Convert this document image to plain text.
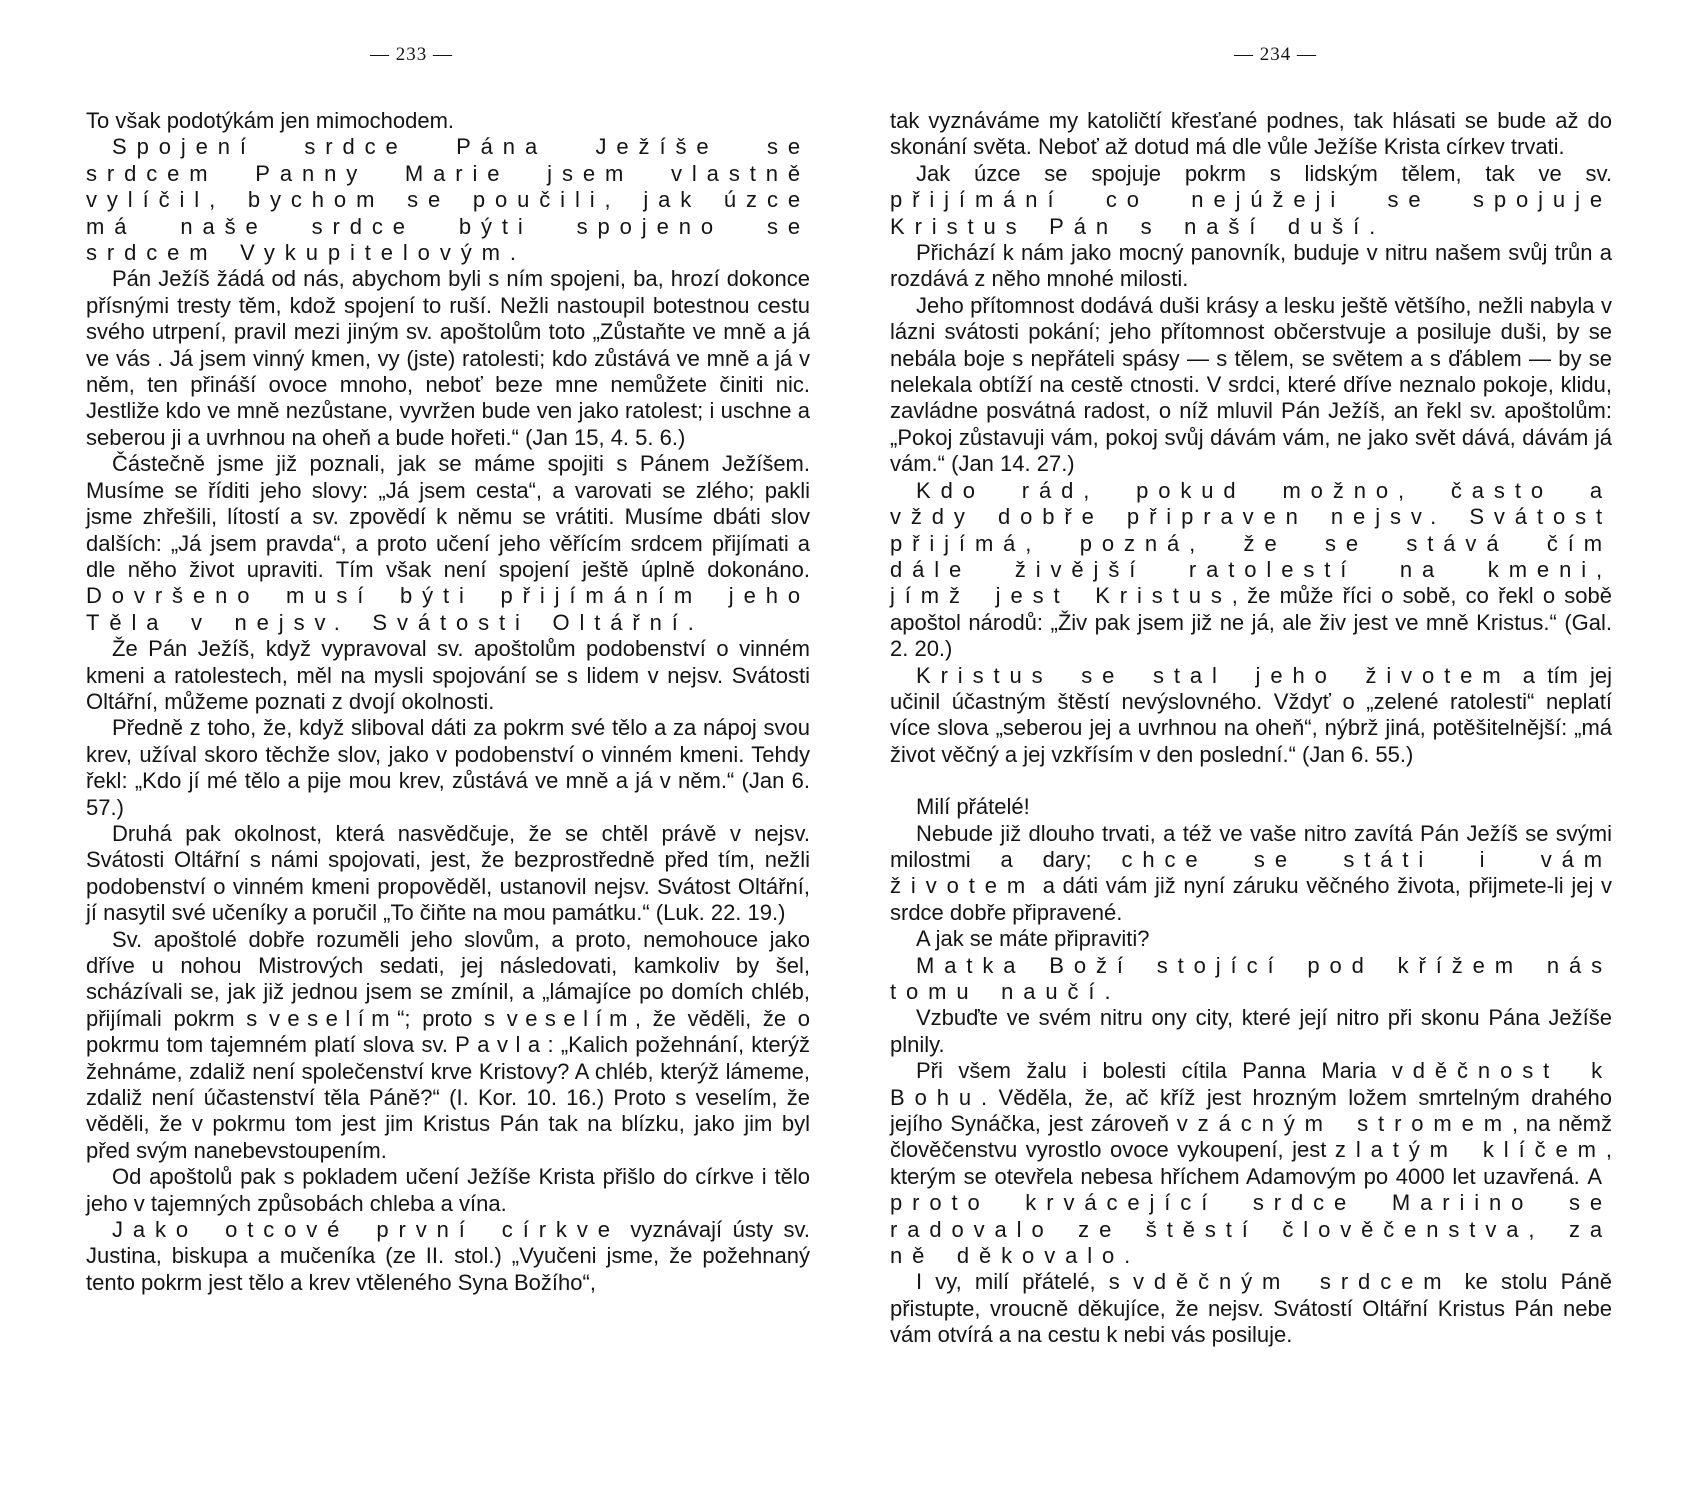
— 233 —

To však podotýkám jen mimochodem.

Spojení srdce Pána Ježíše se srdcem Panny Marie jsem vlastně vylíčil, bychom se poučili, jak úzce má naše srdce býti spojeno se srdcem Vykupitelovým.

Pán Ježíš žádá od nás, abychom byli s ním spojeni, ba, hrozí dokonce přísnými tresty těm, kdož spojení to ruší. Nežli nastoupil botestnou cestu svého utrpení, pravil mezi jiným sv. apoštolům toto „Zůstaňte ve mně a já ve vás . Já jsem vinný kmen, vy (jste) ratolesti; kdo zůstává ve mně a já v něm, ten přináší ovoce mnoho, neboť beze mne nemůžete činiti nic. Jestliže kdo ve mně nezůstane, vyvržen bude ven jako ratolest; i uschne a seberou ji a uvrhnou na oheň a bude hořeti.“ (Jan 15, 4. 5. 6.)

Částečně jsme již poznali, jak se máme spojiti s Pánem Ježíšem. Musíme se říditi jeho slovy: „Já jsem cesta“, a varovati se zlého; pakli jsme zhřešili, lítostí a sv. zpovědí k němu se vrátiti. Musíme dbáti slov dalších: „Já jsem pravda“, a proto učení jeho věřícím srdcem přijímati a dle něho život upraviti. Tím však není spojení ještě úplně dokonáno. Dovršeno musí býti přijímáním jeho Těla v nejsv. Svátosti Oltářní.

Že Pán Ježíš, když vypravoval sv. apoštolům podobenství o vinném kmeni a ratolestech, měl na mysli spojování se s lidem v nejsv. Svátosti Oltářní, můžeme poznati z dvojí okolnosti.

Předně z toho, že, když sliboval dáti za pokrm své tělo a za nápoj svou krev, užíval skoro těchže slov, jako v podobenství o vinném kmeni. Tehdy řekl: „Kdo jí mé tělo a pije mou krev, zůstává ve mně a já v něm.“ (Jan 6. 57.)

Druhá pak okolnost, která nasvědčuje, že se chtěl právě v nejsv. Svátosti Oltářní s námi spojovati, jest, že bezprostředně před tím, nežli podobenství o vinném kmeni propověděl, ustanovil nejsv. Svátost Oltářní, jí nasytil své učeníky a poručil „To čiňte na mou památku.“ (Luk. 22. 19.)

Sv. apoštolé dobře rozuměli jeho slovům, a proto, nemohouce jako dříve u nohou Mistrových sedati, jej následovati, kamkoliv by šel, scházívali se, jak již jednou jsem se zmínil, a „lámajíce po domích chléb, přijímali pokrm s veselím“; proto s veselím, že věděli, že o pokrmu tom tajemném platí slova sv. Pavla: „Kalich požehnání, kterýž žehnáme, zdaliž není společenství krve Kristovy? A chléb, kterýž lámeme, zdaliž není účastenství těla Páně?“ (I. Kor. 10. 16.) Proto s veselím, že věděli, že v pokrmu tom jest jim Kristus Pán tak na blízku, jako jim byl před svým nanebevstoupením.

Od apoštolů pak s pokladem učení Ježíše Krista přišlo do církve i tělo jeho v tajemných způsobách chleba a vína.

Jako otcové první církve vyznávají ústy sv. Justina, biskupa a mučeníka (ze II. stol.) „Vyučeni jsme, že požehnaný tento pokrm jest tělo a krev vtěleného Syna Božího“,

— 234 —

tak vyznáváme my katoličtí křesťané podnes, tak hlásati se bude až do skonání světa. Neboť až dotud má dle vůle Ježíše Krista církev trvati.

Jak úzce se spojuje pokrm s lidským tělem, tak ve sv. přijímání co nejúžeji se spojuje Kristus Pán s naší duší.

Přichází k nám jako mocný panovník, buduje v nitru našem svůj trůn a rozdává z něho mnohé milosti.

Jeho přítomnost dodává duši krásy a lesku ještě většího, nežli nabyla v lázni svátosti pokání; jeho přítomnost občerstvuje a posiluje duši, by se nebála boje s nepřáteli spásy — s tělem, se světem a s ďáblem — by se nelekala obtíží na cestě ctnosti. V srdci, které dříve neznalo pokoje, klidu, zavládne posvátná radost, o níž mluvil Pán Ježíš, an řekl sv. apoštolům: „Pokoj zůstavuji vám, pokoj svůj dávám vám, ne jako svět dává, dávám já vám.“ (Jan 14. 27.)

Kdo rád, pokud možno, často a vždy dobře připraven nejsv. Svátost přijímá, pozná, že se stává čím dále živější ratolestí na kmeni, jímž jest Kristus, že může říci o sobě, co řekl o sobě apoštol národů: „Živ pak jsem již ne já, ale živ jest ve mně Kristus.“ (Gal. 2. 20.)

Kristus se stal jeho životem a tím jej učinil účastným štěstí nevýslovného. Vždyť o „zelené ratolesti“ neplatí více slova „seberou jej a uvrhnou na oheň“, nýbrž jiná, potěšitelnější: „má život věčný a jej vzkřísím v den poslední.“ (Jan 6. 55.)

Milí přátelé!

Nebude již dlouho trvati, a též ve vaše nitro zavítá Pán Ježíš se svými milostmi a dary; chce se státi i vám životem a dáti vám již nyní záruku věčného života, přijmete-li jej v srdce dobře připravené.

A jak se máte připraviti?

Matka Boží stojící pod křížem nás tomu naučí.

Vzbuďte ve svém nitru ony city, které její nitro při skonu Pána Ježíše plnily.

Při všem žalu i bolesti cítila Panna Maria vděčnost k Bohu. Věděla, že, ač kříž jest hrozným ložem smrtelným drahého jejího Synáčka, jest zároveň vzácným stromem, na němž člověčenstvu vyrostlo ovoce vykoupení, jest zlatým klíčem, kterým se otevřela nebesa hříchem Adamovým po 4000 let uzavřená. A proto krvácející srdce Mariino se radovalo ze štěstí člověčenstva, za ně děkovalo.

I vy, milí přátelé, s vděčným srdcem ke stolu Páně přistupte, vroucně děkujíce, že nejsv. Svátostí Oltářní Kristus Pán nebe vám otvírá a na cestu k nebi vás posiluje.
